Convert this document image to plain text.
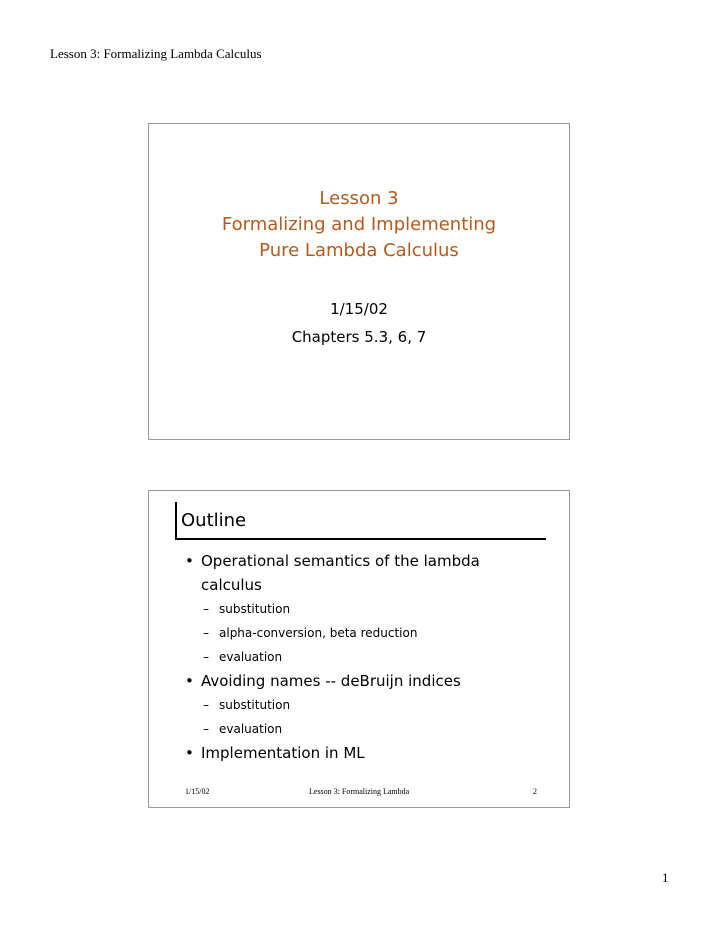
Lesson 3: Formalizing Lambda Calculus
Lesson 3
Formalizing and Implementing
Pure Lambda Calculus
1/15/02
Chapters 5.3, 6, 7
Outline
• Operational semantics of the lambda
calculus
– substitution
– alpha-conversion, beta reduction
– evaluation
• Avoiding names -- deBruijn indices
– substitution
– evaluation
• Implementation in ML
1/15/02	Lesson 3: Formalizing Lambda	2
1
